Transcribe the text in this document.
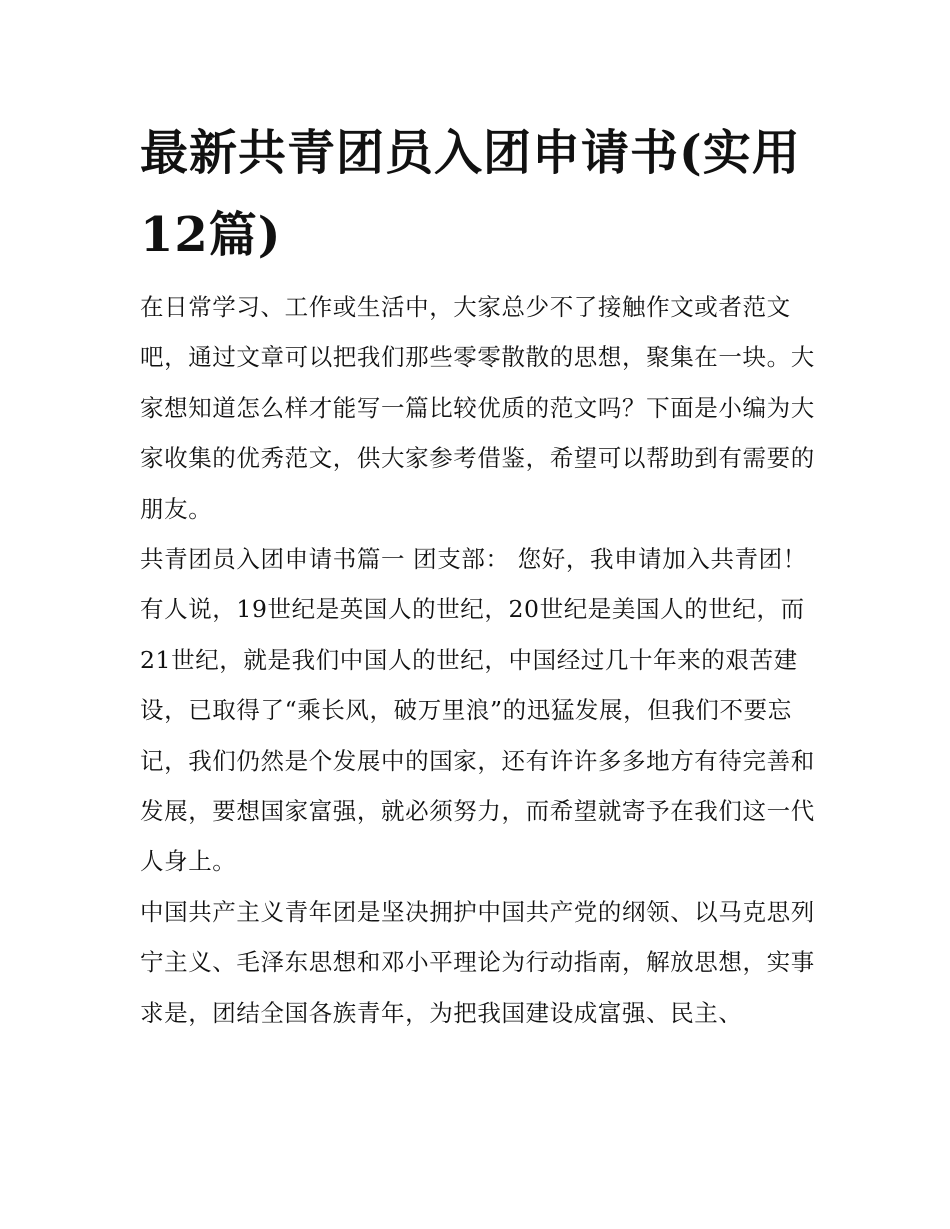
最新共青团员入团申请书(实用12篇)

在日常学习、工作或生活中，大家总少不了接触作文或者范文吧，通过文章可以把我们那些零零散散的思想，聚集在一块。大家想知道怎么样才能写一篇比较优质的范文吗？下面是小编为大家收集的优秀范文，供大家参考借鉴，希望可以帮助到有需要的朋友。

共青团员入团申请书篇一 团支部： 您好，我申请加入共青团！

有人说，19世纪是英国人的世纪，20世纪是美国人的世纪，而21世纪，就是我们中国人的世纪，中国经过几十年来的艰苦建设，已取得了“乘长风，破万里浪”的迅猛发展，但我们不要忘记，我们仍然是个发展中的国家，还有许许多多地方有待完善和发展，要想国家富强，就必须努力，而希望就寄予在我们这一代人身上。

中国共产主义青年团是坚决拥护中国共产党的纲领、以马克思列宁主义、毛泽东思想和邓小平理论为行动指南，解放思想，实事求是，团结全国各族青年，为把我国建设成富强、民主、
